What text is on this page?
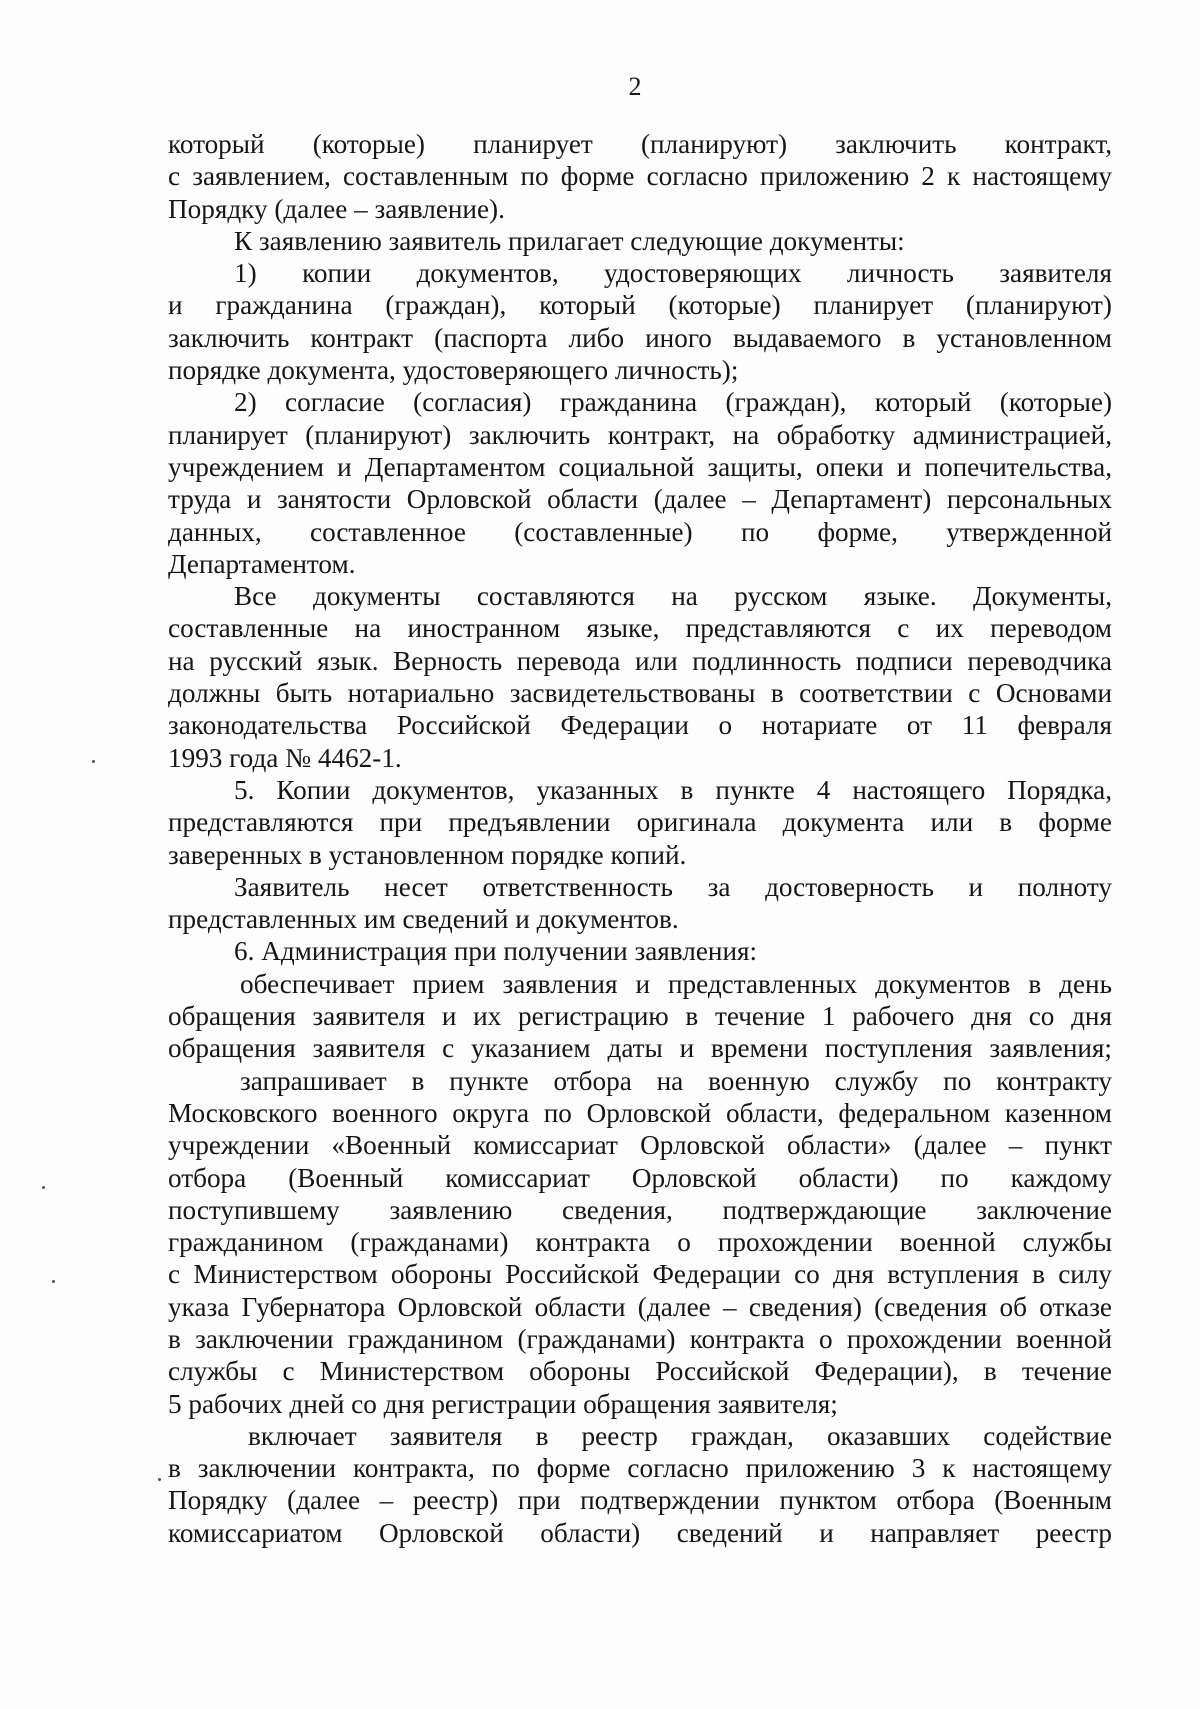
2
который (которые) планирует (планируют) заключить контракт,
с заявлением, составленным по форме согласно приложению 2 к настоящему
Порядку (далее – заявление).
К заявлению заявитель прилагает следующие документы:
1) копии документов, удостоверяющих личность заявителя
и гражданина (граждан), который (которые) планирует (планируют)
заключить контракт (паспорта либо иного выдаваемого в установленном
порядке документа, удостоверяющего личность);
2) согласие (согласия) гражданина (граждан), который (которые)
планирует (планируют) заключить контракт, на обработку администрацией,
учреждением и Департаментом социальной защиты, опеки и попечительства,
труда и занятости Орловской области (далее – Департамент) персональных
данных, составленное (составленные) по форме, утвержденной
Департаментом.
Все документы составляются на русском языке. Документы,
составленные на иностранном языке, представляются с их переводом
на русский язык. Верность перевода или подлинность подписи переводчика
должны быть нотариально засвидетельствованы в соответствии с Основами
законодательства Российской Федерации о нотариате от 11 февраля
1993 года № 4462-1.
5. Копии документов, указанных в пункте 4 настоящего Порядка,
представляются при предъявлении оригинала документа или в форме
заверенных в установленном порядке копий.
Заявитель несет ответственность за достоверность и полноту
представленных им сведений и документов.
6. Администрация при получении заявления:
обеспечивает прием заявления и представленных документов в день
обращения заявителя и их регистрацию в течение 1 рабочего дня со дня
обращения заявителя с указанием даты и времени поступления заявления;
запрашивает в пункте отбора на военную службу по контракту
Московского военного округа по Орловской области, федеральном казенном
учреждении «Военный комиссариат Орловской области» (далее – пункт
отбора (Военный комиссариат Орловской области) по каждому
поступившему заявлению сведения, подтверждающие заключение
гражданином (гражданами) контракта о прохождении военной службы
с Министерством обороны Российской Федерации со дня вступления в силу
указа Губернатора Орловской области (далее – сведения) (сведения об отказе
в заключении гражданином (гражданами) контракта о прохождении военной
службы с Министерством обороны Российской Федерации), в течение
5 рабочих дней со дня регистрации обращения заявителя;
включает заявителя в реестр граждан, оказавших содействие
в заключении контракта, по форме согласно приложению 3 к настоящему
Порядку (далее – реестр) при подтверждении пунктом отбора (Военным
комиссариатом Орловской области) сведений и направляет реестр
